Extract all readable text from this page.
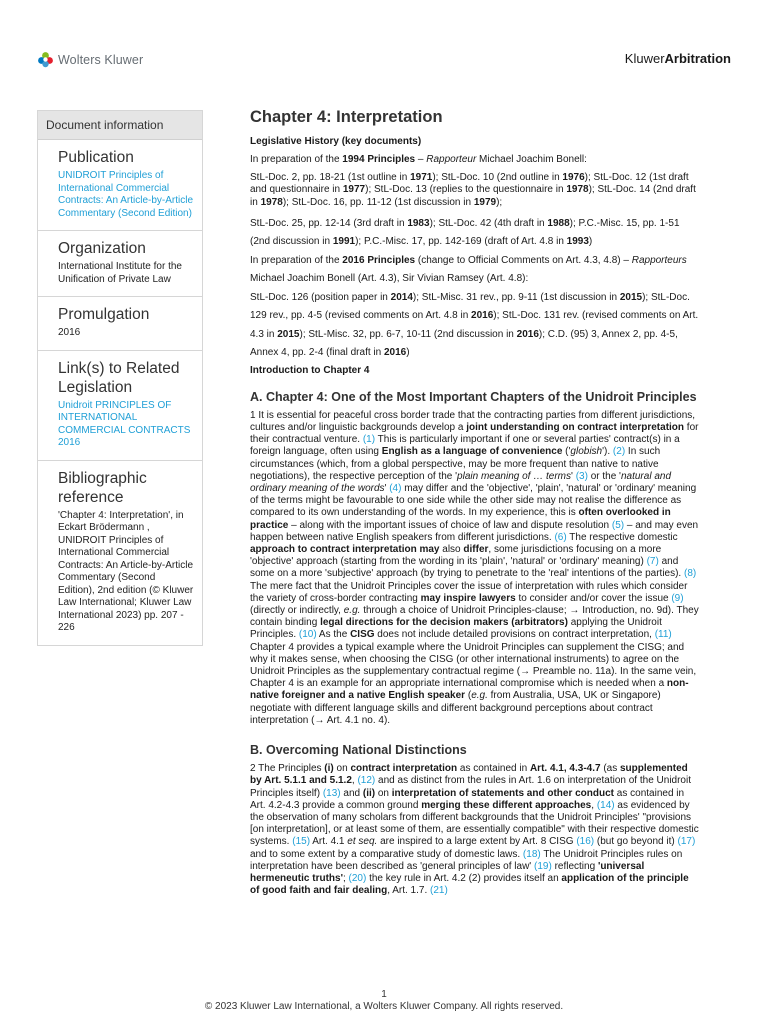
Wolters Kluwer	KluwerArbitration
Document information
Publication
UNIDROIT Principles of International Commercial Contracts: An Article-by-Article Commentary (Second Edition)
Organization
International Institute for the Unification of Private Law
Promulgation
2016
Link(s) to Related Legislation
Unidroit PRINCIPLES OF INTERNATIONAL COMMERCIAL CONTRACTS 2016
Bibliographic reference
'Chapter 4: Interpretation', in Eckart Brödermann , UNIDROIT Principles of International Commercial Contracts: An Article-by-Article Commentary (Second Edition), 2nd edition (© Kluwer Law International; Kluwer Law International 2023) pp. 207 - 226
Chapter 4: Interpretation
Legislative History (key documents)
In preparation of the 1994 Principles – Rapporteur Michael Joachim Bonell:
StL-Doc. 2, pp. 18-21 (1st outline in 1971); StL-Doc. 10 (2nd outline in 1976); StL-Doc. 12 (1st draft and questionnaire in 1977); StL-Doc. 13 (replies to the questionnaire in 1978); StL-Doc. 14 (2nd draft in 1978); StL-Doc. 16, pp. 11-12 (1st discussion in 1979);
StL-Doc. 25, pp. 12-14 (3rd draft in 1983); StL-Doc. 42 (4th draft in 1988); P.C.-Misc. 15, pp. 1-51 (2nd discussion in 1991); P.C.-Misc. 17, pp. 142-169 (draft of Art. 4.8 in 1993)
In preparation of the 2016 Principles (change to Official Comments on Art. 4.3, 4.8) – Rapporteurs Michael Joachim Bonell (Art. 4.3), Sir Vivian Ramsey (Art. 4.8):
StL-Doc. 126 (position paper in 2014); StL-Misc. 31 rev., pp. 9-11 (1st discussion in 2015); StL-Doc. 129 rev., pp. 4-5 (revised comments on Art. 4.8 in 2016); StL-Doc. 131 rev. (revised comments on Art. 4.3 in 2015); StL-Misc. 32, pp. 6-7, 10-11 (2nd discussion in 2016); C.D. (95) 3, Annex 2, pp. 4-5, Annex 4, pp. 2-4 (final draft in 2016)
Introduction to Chapter 4
A. Chapter 4: One of the Most Important Chapters of the Unidroit Principles
1 It is essential for peaceful cross border trade that the contracting parties from different jurisdictions, cultures and/or linguistic backgrounds develop a joint understanding on contract interpretation for their contractual venture. (1) This is particularly important if one or several parties' contract(s) in a foreign language, often using English as a language of convenience ('globish'). (2) In such circumstances (which, from a global perspective, may be more frequent than native to native negotiations), the respective perception of the 'plain meaning of … terms' (3) or the 'natural and ordinary meaning of the words' (4) may differ and the 'objective', 'plain', 'natural' or 'ordinary' meaning of the terms might be favourable to one side while the other side may not realise the difference as compared to its own understanding of the words. In my experience, this is often overlooked in practice – along with the important issues of choice of law and dispute resolution (5) – and may even happen between native English speakers from different jurisdictions. (6) The respective domestic approach to contract interpretation may also differ, some jurisdictions focusing on a more 'objective' approach (starting from the wording in its 'plain', 'natural' or 'ordinary' meaning) (7) and some on a more 'subjective' approach (by trying to penetrate to the 'real' intentions of the parties). (8) The mere fact that the Unidroit Principles cover the issue of interpretation with rules which consider the variety of cross-border contracting may inspire lawyers to consider and/or cover the issue (9) (directly or indirectly, e.g. through a choice of Unidroit Principles-clause; → Introduction, no. 9d). They contain binding legal directions for the decision makers (arbitrators) applying the Unidroit Principles. (10) As the CISG does not include detailed provisions on contract interpretation, (11) Chapter 4 provides a typical example where the Unidroit Principles can supplement the CISG; and why it makes sense, when choosing the CISG (or other international instruments) to agree on the Unidroit Principles as the supplementary contractual regime (→ Preamble no. 11a). In the same vein, Chapter 4 is an example for an appropriate international compromise which is needed when a non-native foreigner and a native English speaker (e.g. from Australia, USA, UK or Singapore) negotiate with different language skills and different background perceptions about contract interpretation (→ Art. 4.1 no. 4).
B. Overcoming National Distinctions
2 The Principles (i) on contract interpretation as contained in Art. 4.1, 4.3-4.7 (as supplemented by Art. 5.1.1 and 5.1.2, (12) and as distinct from the rules in Art. 1.6 on interpretation of the Unidroit Principles itself) (13) and (ii) on interpretation of statements and other conduct as contained in Art. 4.2-4.3 provide a common ground merging these different approaches, (14) as evidenced by the observation of many scholars from different backgrounds that the Unidroit Principles' "provisions [on interpretation], or at least some of them, are essentially compatible" with their respective domestic systems. (15) Art. 4.1 et seq. are inspired to a large extent by Art. 8 CISG (16) (but go beyond it) (17) and to some extent by a comparative study of domestic laws. (18) The Unidroit Principles rules on interpretation have been described as 'general principles of law' (19) reflecting 'universal hermeneutic truths'; (20) the key rule in Art. 4.2 (2) provides itself an application of the principle of good faith and fair dealing, Art. 1.7. (21)
1
© 2023 Kluwer Law International, a Wolters Kluwer Company. All rights reserved.
